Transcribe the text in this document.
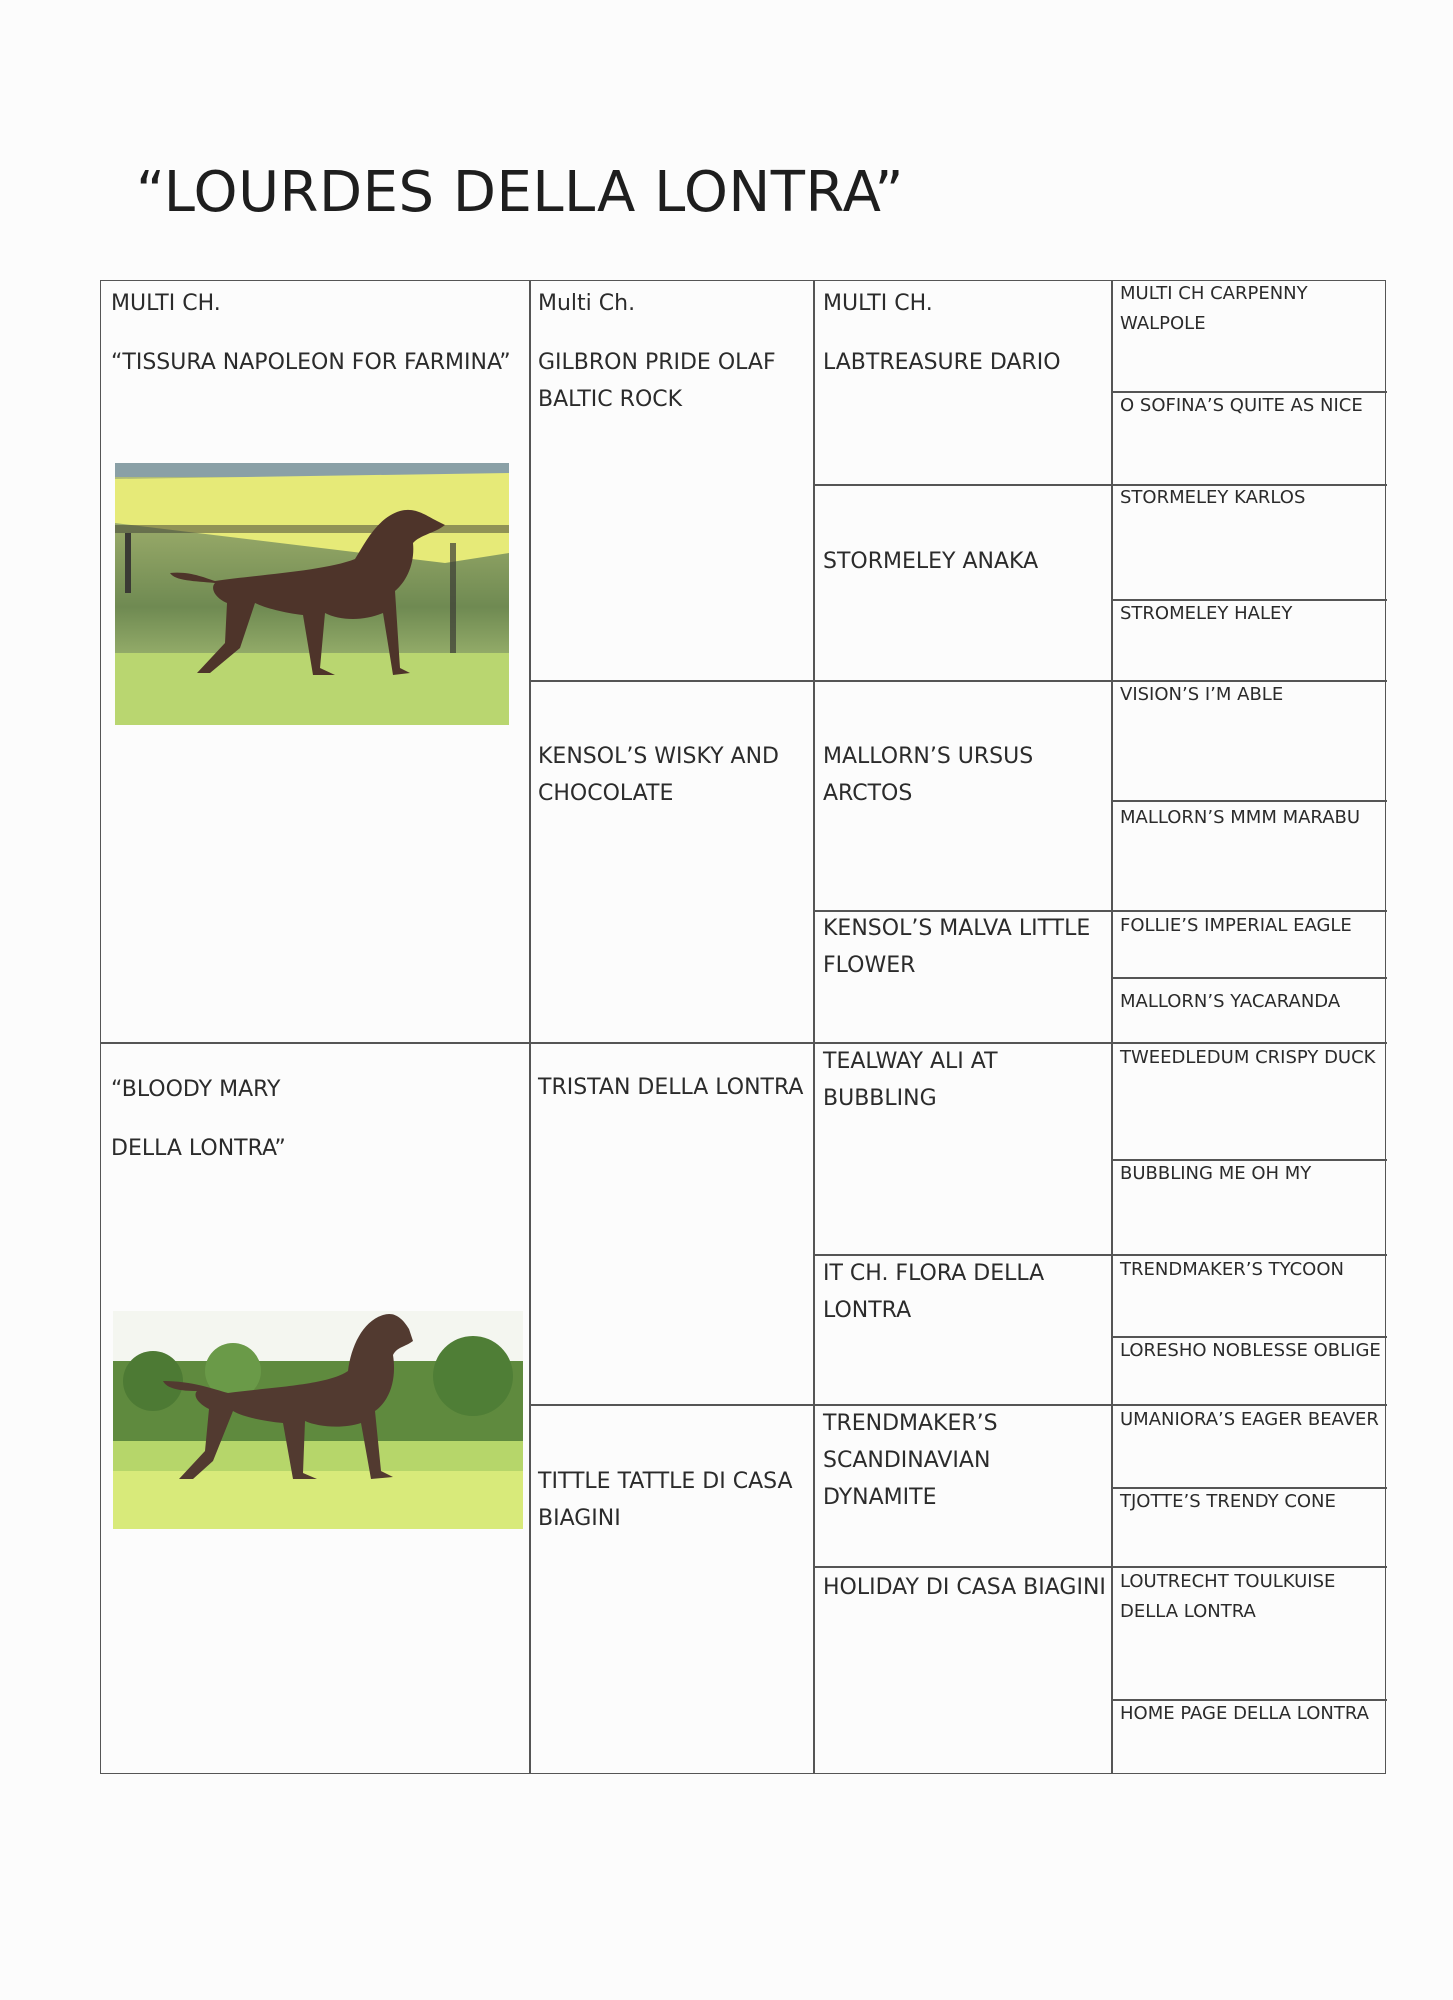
“LOURDES DELLA LONTRA”
MULTI CH.
“TISSURA NAPOLEON FOR FARMINA”
“BLOODY MARY
DELLA LONTRA”
Multi Ch.
GILBRON PRIDE OLAF
BALTIC ROCK
KENSOL’S WISKY AND
CHOCOLATE
TRISTAN DELLA LONTRA
TITTLE TATTLE DI CASA
BIAGINI
MULTI CH.
LABTREASURE DARIO
STORMELEY ANAKA
MALLORN’S URSUS
ARCTOS
KENSOL’S MALVA LITTLE
FLOWER
TEALWAY ALI AT
BUBBLING
IT CH. FLORA DELLA
LONTRA
TRENDMAKER’S
SCANDINAVIAN
DYNAMITE
HOLIDAY DI CASA BIAGINI
MULTI CH CARPENNY
WALPOLE
O SOFINA’S QUITE AS NICE
STORMELEY KARLOS
STROMELEY HALEY
VISION’S I’M ABLE
MALLORN’S MMM MARABU
FOLLIE’S IMPERIAL EAGLE
MALLORN’S YACARANDA
TWEEDLEDUM CRISPY DUCK
BUBBLING ME OH MY
TRENDMAKER’S TYCOON
LORESHO NOBLESSE OBLIGE
UMANIORA’S EAGER BEAVER
TJOTTE’S TRENDY CONE
LOUTRECHT TOULKUISE
DELLA LONTRA
HOME PAGE DELLA LONTRA
